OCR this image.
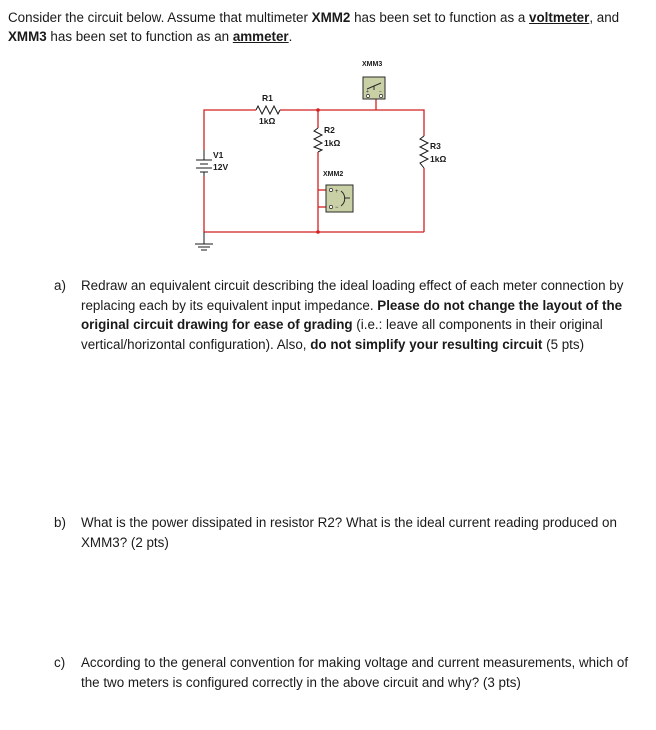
Consider the circuit below. Assume that multimeter XMM2 has been set to function as a voltmeter, and XMM3 has been set to function as an ammeter.
R1
1kΩ
R2
1kΩ	R3
1kΩ
V1
12V
XMM3
+ −
XMM2
+
−
a) Redraw an equivalent circuit describing the ideal loading effect of each meter connection by replacing each by its equivalent input impedance. Please do not change the layout of the original circuit drawing for ease of grading (i.e.: leave all components in their original vertical/horizontal configuration). Also, do not simplify your resulting circuit (5 pts)
b) What is the power dissipated in resistor R2? What is the ideal current reading produced on XMM3? (2 pts)
c) According to the general convention for making voltage and current measurements, which of the two meters is configured correctly in the above circuit and why? (3 pts)
